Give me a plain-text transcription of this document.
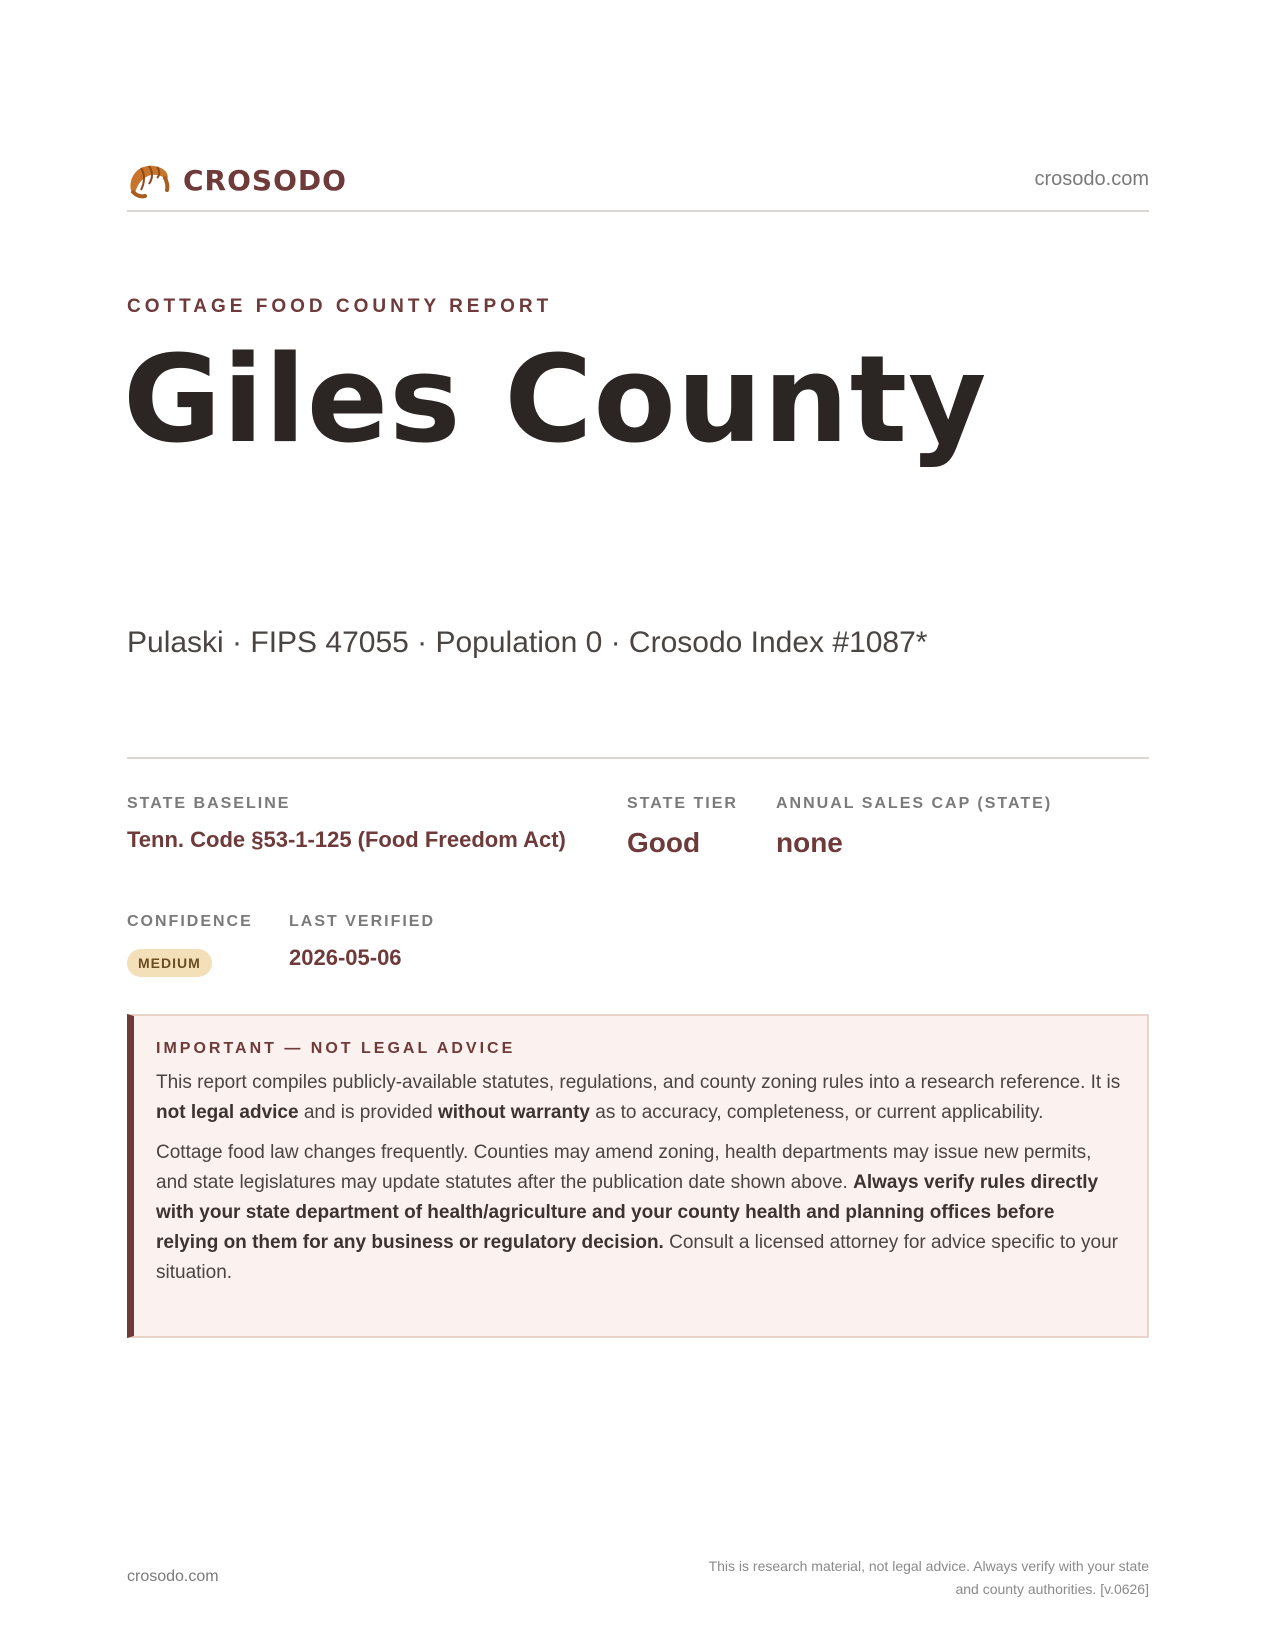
CROSODO	crosodo.com
COTTAGE FOOD COUNTY REPORT
Giles County
Pulaski · FIPS 47055 · Population 0 · Crosodo Index #1087*
STATE BASELINE
Tenn. Code §53-1-125 (Food Freedom Act)
STATE TIER
Good
ANNUAL SALES CAP (STATE)
none
CONFIDENCE
MEDIUM
LAST VERIFIED
2026-05-06
IMPORTANT — NOT LEGAL ADVICE

This report compiles publicly-available statutes, regulations, and county zoning rules into a research reference. It is not legal advice and is provided without warranty as to accuracy, completeness, or current applicability.

Cottage food law changes frequently. Counties may amend zoning, health departments may issue new permits, and state legislatures may update statutes after the publication date shown above. Always verify rules directly with your state department of health/agriculture and your county health and planning offices before relying on them for any business or regulatory decision. Consult a licensed attorney for advice specific to your situation.

crosodo.com
This is research material, not legal advice. Always verify with your state
and county authorities. [v.0626]
